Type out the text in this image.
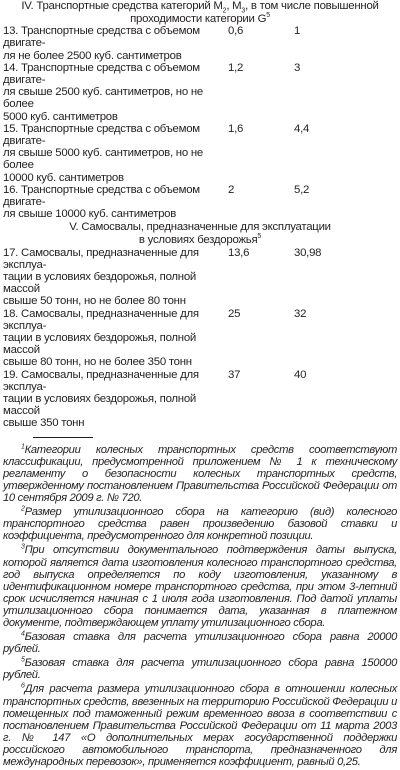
IV. Транспортные средства категорий $М_2$, $М_3$, в том числе повышенной
проходимости категории $G^5$
13. Транспортные средства с объемом двигате-
ля не более 2500 куб. сантиметров
0,6	1
14. Транспортные средства с объемом двигате-
ля свыше 2500 куб. сантиметров, но не более
5000 куб. сантиметров
1,2	3
15. Транспортные средства с объемом двигате-
ля свыше 5000 куб. сантиметров, но не более
10000 куб. сантиметров
1,6	4,4
16. Транспортные средства с объемом двигате-
ля свыше 10000 куб. сантиметров
2	5,2
V. Самосвалы, предназначенные для эксплуатации
в условиях бездорожья$^5$
17. Самосвалы, предназначенные для эксплуа-
тации в условиях бездорожья, полной массой
свыше 50 тонн, но не более 80 тонн
13,6	30,98
18. Самосвалы, предназначенные для эксплуа-
тации в условиях бездорожья, полной массой
свыше 80 тонн, но не более 350 тонн
25	32
19. Самосвалы, предназначенные для эксплуа-
тации в условиях бездорожья, полной массой
свыше 350 тонн
37	40

$^1$Категории колесных транспортных средств соответствуют классификации, предусмотренной приложением № 1 к техническому регламенту о безопасности колесных транспортных средств, утвержденному постановлением Правительства Российской Федерации от 10 сентября 2009 г. № 720.

$^2$Размер утилизационного сбора на категорию (вид) колесного транспортного средства равен произведению базовой ставки и коэффициента, предусмотренного для конкретной позиции.

$^3$При отсутствии документального подтверждения даты выпуска, которой является дата изготовления колесного транспортного средства, год выпуска определяется по коду изготовления, указанному в идентификационном номере транспортного средства, при этом 3-летний срок исчисляется начиная с 1 июля года изготовления. Под датой уплаты утилизационного сбора понимается дата, указанная в платежном документе, подтверждающем уплату утилизационного сбора.

$^4$Базовая ставка для расчета утилизационного сбора равна 20000 рублей.

$^5$Базовая ставка для расчета утилизационного сбора равна 150000 рублей.

$^6$Для расчета размера утилизационного сбора в отношении колесных транспортных средств, ввезенных на территорию Российской Федерации и помещенных под таможенный режим временного ввоза в соответствии с постановлением Правительства Российской Федерации от 11 марта 2003 г. № 147 «О дополнительных мерах государственной поддержки российского автомобильного транспорта, предназначенного для международных перевозок», применяется коэффициент, равный 0,25.
